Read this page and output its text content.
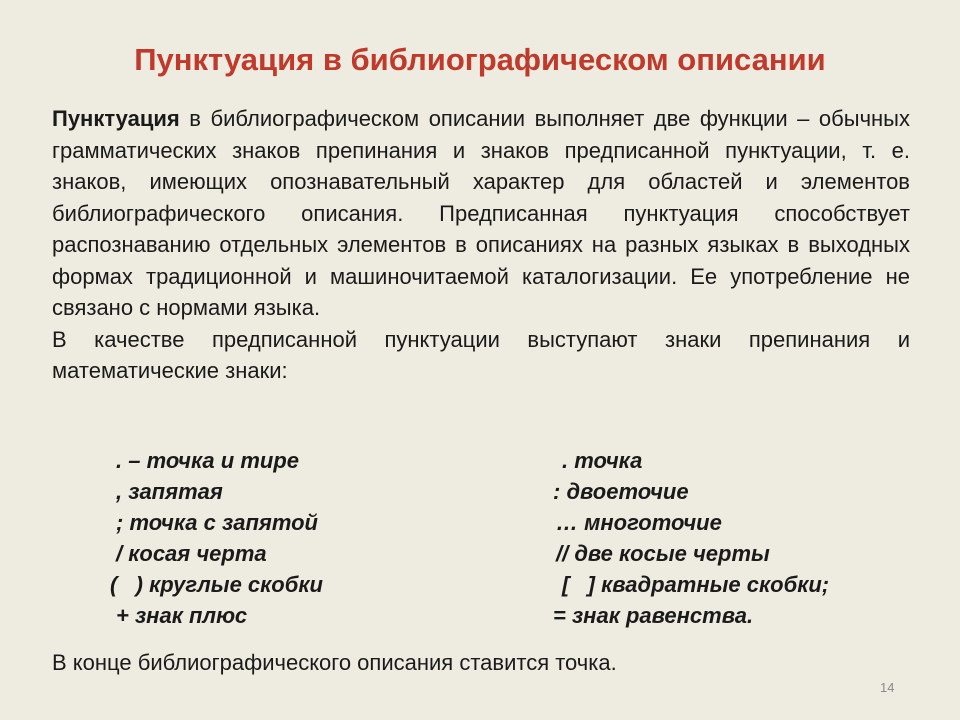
Пунктуация в библиографическом описании

Пунктуация в библиографическом описании выполняет две функции – обычных грамматических знаков препинания и знаков предписанной пунктуации, т. е. знаков, имеющих опознавательный характер для областей и элементов библиографического описания. Предписанная пунктуация способствует распознаванию отдельных элементов в описаниях на разных языках в выходных формах традиционной и машиночитаемой каталогизации. Ее употребление не связано с нормами языка.

В качестве предписанной пунктуации выступают знаки препинания и математические знаки:

. – точка и тире	. точка
, запятая	: двоеточие
; точка с запятой	… многоточие
/ косая черта	// две косые черты
(   ) круглые скобки	[   ] квадратные скобки;
+ знак плюс	= знак равенства.

В конце библиографического описания ставится точка.

14
